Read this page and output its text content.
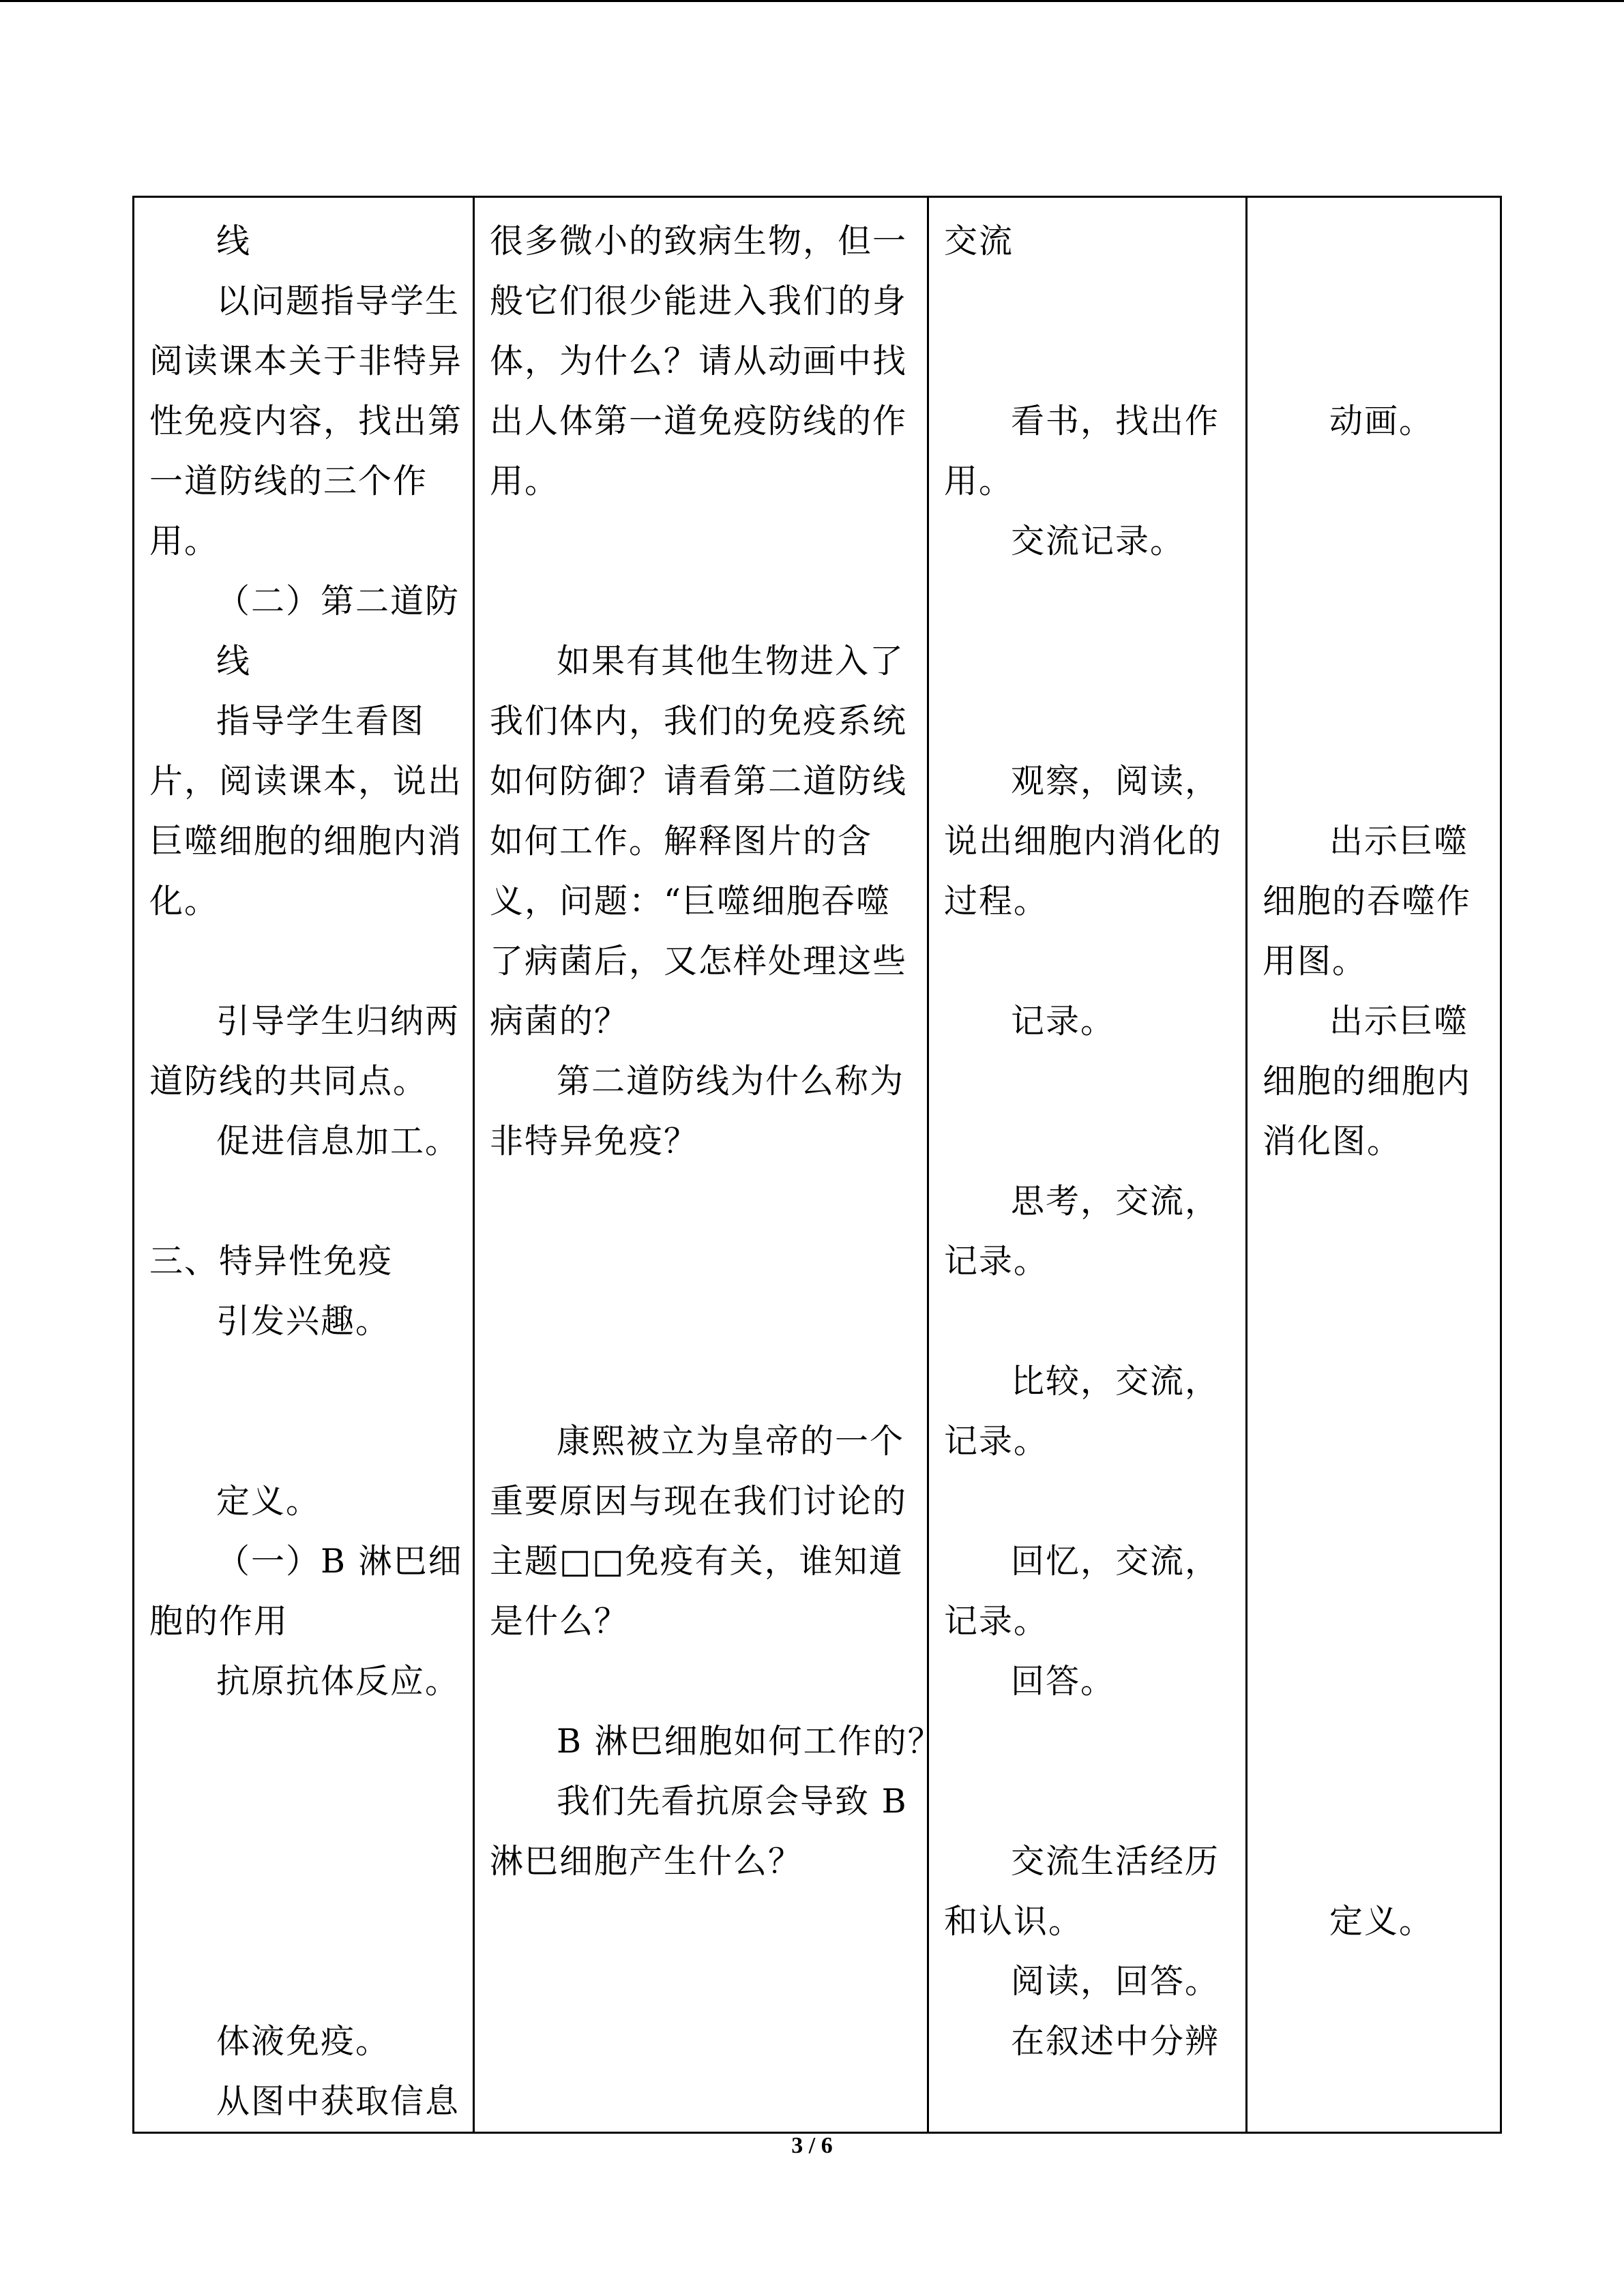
线
以问题指导学生
阅读课本关于非特异
性免疫内容，找出第
一道防线的三个作
用。
（二）第二道防
线
指导学生看图
片，阅读课本，说出
巨噬细胞的细胞内消
化。
引导学生归纳两
道防线的共同点。
促进信息加工。
三、特异性免疫
引发兴趣。
定义。
（一）B 淋巴细
胞的作用
抗原抗体反应。
体液免疫。
从图中获取信息

很多微小的致病生物，但一
般它们很少能进入我们的身
体，为什么？请从动画中找
出人体第一道免疫防线的作
用。
如果有其他生物进入了
我们体内，我们的免疫系统
如何防御？请看第二道防线
如何工作。解释图片的含
义，问题：“巨噬细胞吞噬
了病菌后，又怎样处理这些
病菌的？
第二道防线为什么称为
非特异免疫？
康熙被立为皇帝的一个
重要原因与现在我们讨论的
主题□□免疫有关，谁知道
是什么？
B 淋巴细胞如何工作的？
我们先看抗原会导致 B
淋巴细胞产生什么？

交流
看书，找出作
用。
交流记录。
观察，阅读，
说出细胞内消化的
过程。
记录。
思考，交流，
记录。
比较，交流，
记录。
回忆，交流，
记录。
回答。
交流生活经历
和认识。
阅读，回答。
在叙述中分辨

动画。
出示巨噬
细胞的吞噬作
用图。
出示巨噬
细胞的细胞内
消化图。
定义。
3 / 6
